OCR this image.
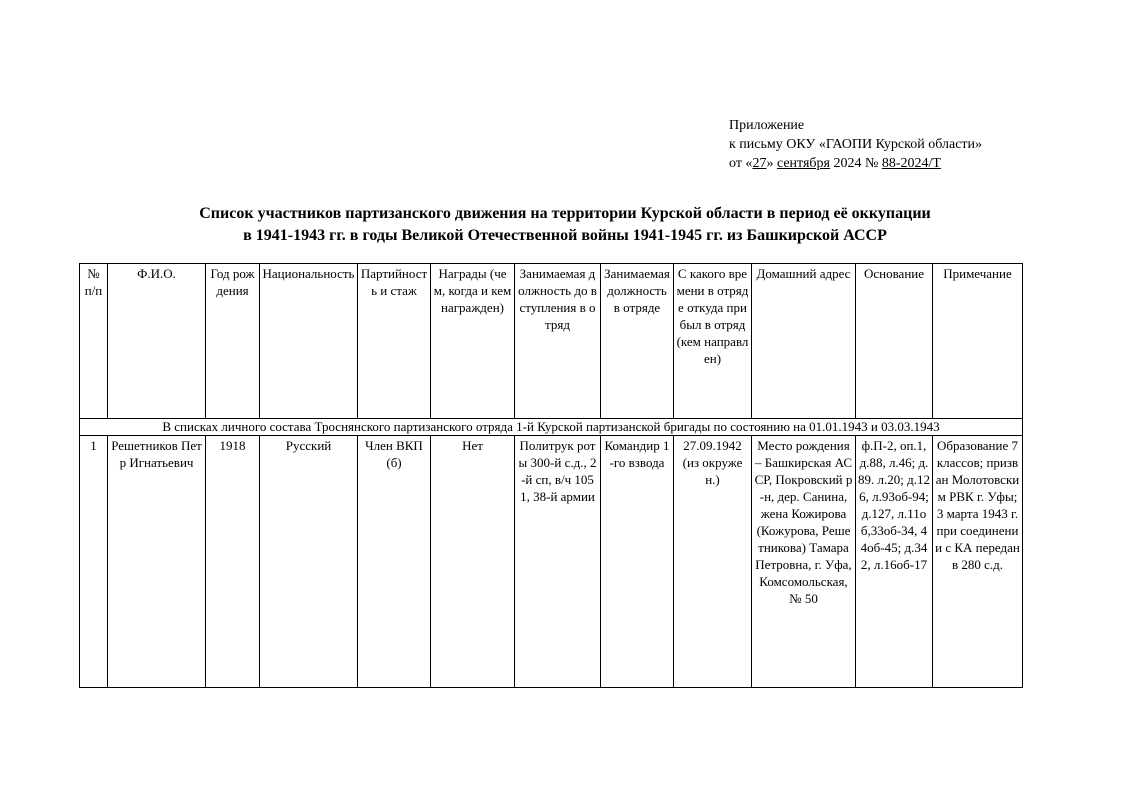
Приложение
к письму ОКУ «ГАОПИ Курской области»
от «27» сентября 2024 № 88-2024/Т
Список участников партизанского движения на территории Курской области в период её оккупации
в 1941-1943 гг. в годы Великой Отечественной войны 1941-1945 гг. из Башкирской АССР
№ п/п	Ф.И.О.	Год рождения	Национальность	Партийность и стаж	Награды (чем, когда и кем награжден)	Занимаемая должность до вступления в отряд	Занимаемая должность в отряде	С какого времени в отряде откуда прибыл в отряд (кем направлен)	Домашний адрес	Основание	Примечание
В списках личного состава Троснянского партизанского отряда 1-й Курской партизанской бригады по состоянию на 01.01.1943 и 03.03.1943											
1	Решетников Петр Игнатьевич	1918	Русский	Член ВКП(б)	Нет	Политрук роты 300-й с.д., 2-й сп, в/ч 1051, 38-й армии	Командир 1-го взвода	27.09.1942 (из окружен.)	Место рождения – Башкирская АССР, Покровский р-н, дер. Санина, жена Кожирова (Кожурова, Решетникова) Тамара Петровна, г. Уфа, Комсомольская, № 50	ф.П-2, оп.1, д.88, л.46; д.89. л.20; д.126, л.93об-94; д.127, л.11об,33об-34, 44об-45; д.342, л.16об-17	Образование 7 классов; призван Молотовским РВК г. Уфы; 3 марта 1943 г. при соединении с КА передан в 280 с.д.
